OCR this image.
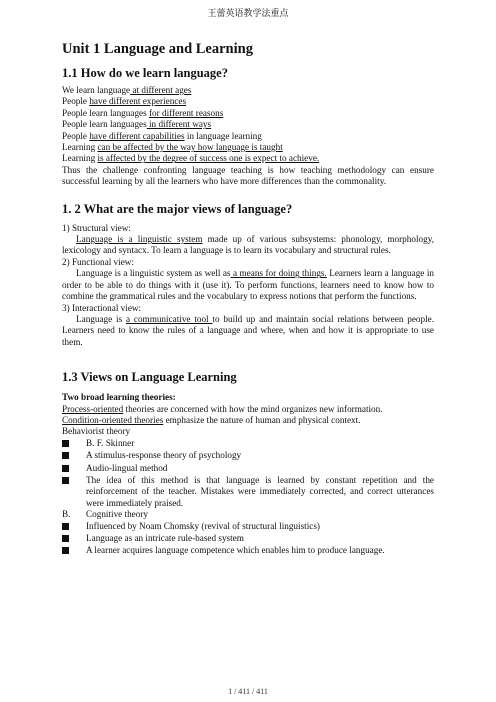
王蕾英语教学法重点
Unit 1 Language and Learning
1.1 How do we learn language?

We learn language at different ages

People have different experiences

People learn languages for different reasons

People learn languages in different ways

People have different capabilities in language learning

Learning can be affected by the way how language is taught

Learning is affected by the degree of success one is expect to achieve.

Thus the challenge confronting language teaching is how teaching methodology can ensure successful learning by all the learners who have more differences than the commonality.

1. 2 What are the major views of language?

1) Structural view:

Language is a linguistic system made up of various subsystems: phonology, morphology, lexicology and syntacx. To learn a language is to learn its vocabulary and structural rules.

2) Functional view:

Language is a linguistic system as well as a means for doing things. Learners learn a language in order to be able to do things with it (use it). To perform functions, learners need to know how to combine the grammatical rules and the vocabulary to express notions that perform the functions.

3) Interactional view:

Language is a communicative tool to build up and maintain social relations between people. Learners need to know the rules of a language and where, when and how it is appropriate to use them.

1.3 Views on Language Learning

Two broad learning theories:

Process-oriented theories are concerned with how the mind organizes new information.

Condition-oriented theories emphasize the nature of human and physical context.

Behaviorist theory

B. F. Skinner
A stimulus-response theory of psychology
Audio-lingual method
The idea of this method is that language is learned by constant repetition and the reinforcement of the teacher. Mistakes were immediately corrected, and correct utterances were immediately praised.

B. Cognitive theory

Influenced by Noam Chomsky (revival of structural linguistics)
Language as an intricate rule-based system
A learner acquires language competence which enables him to produce language.
1 / 411 / 411
